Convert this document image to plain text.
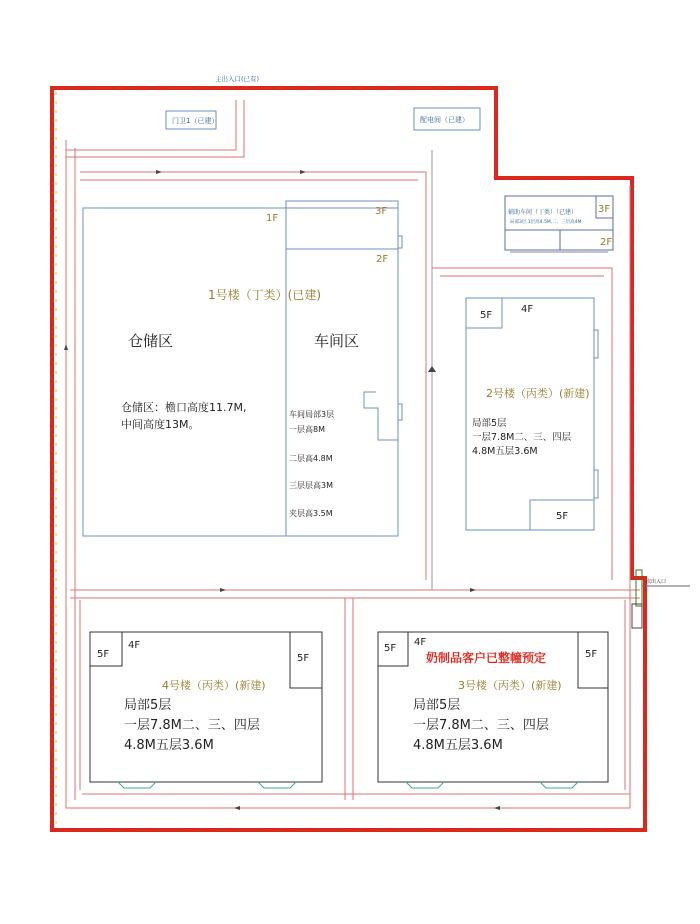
主出入口(已有)
门卫1（已建）	配电间（已建）
辅助车间（丁类）（已建）
局部3层,1层高4.5M,二、三层高4M
3F
2F
1F
3F
2F
1号楼（丁类）(已建)
仓储区	车间区
仓储区：檐口高度11.7M,
中间高度13M。
车间局部3层
一层高8M
二层高4.8M
三层层高3M
夹层高3.5M
5F
4F
2号楼（丙类）(新建)
局部5层
一层7.8M二、三、四层
4.8M五层3.6M
5F
5F
4F
5F
4号楼（丙类）(新建)
局部5层
一层7.8M二、三、四层
4.8M五层3.6M
5F
4F
奶制品客户已整幢预定	5F
3号楼（丙类）(新建)
局部5层
一层7.8M二、三、四层
4.8M五层3.6M
次出入口
